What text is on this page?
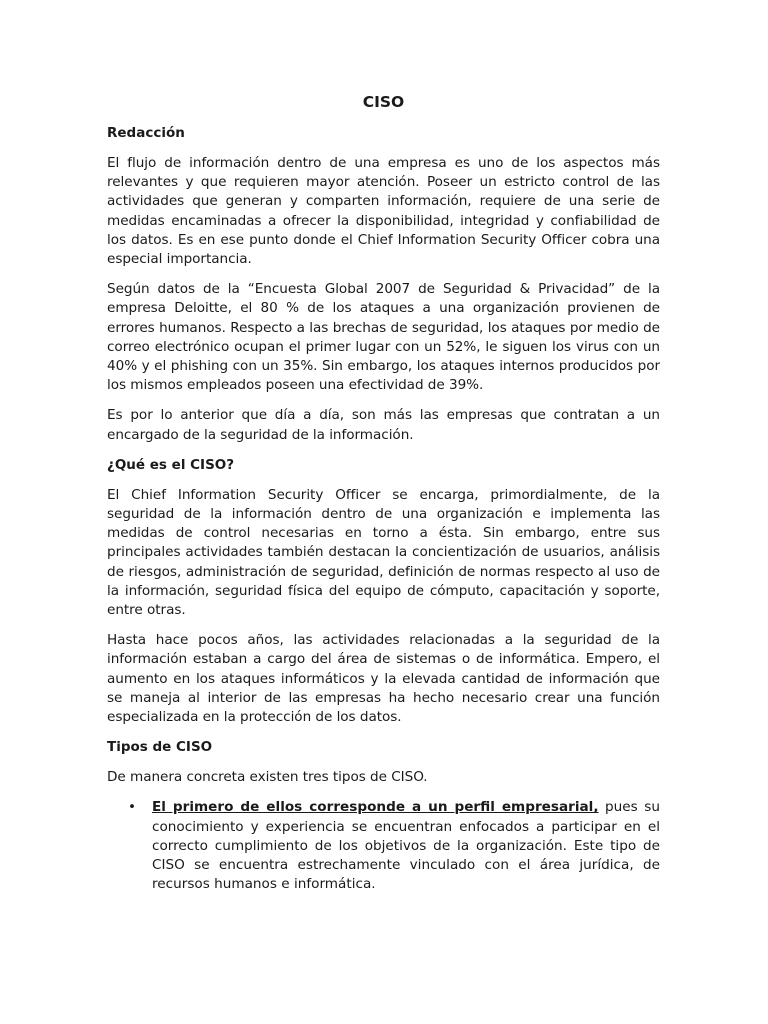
CISO
Redacción

El flujo de información dentro de una empresa es uno de los aspectos más relevantes y que requieren mayor atención. Poseer un estricto control de las actividades que generan y comparten información, requiere de una serie de medidas encaminadas a ofrecer la disponibilidad, integridad y confiabilidad de los datos. Es en ese punto donde el Chief Information Security Officer cobra una especial importancia.

Según datos de la “Encuesta Global 2007 de Seguridad & Privacidad” de la empresa Deloitte, el 80 % de los ataques a una organización provienen de errores humanos. Respecto a las brechas de seguridad, los ataques por medio de correo electrónico ocupan el primer lugar con un 52%, le siguen los virus con un 40% y el phishing con un 35%. Sin embargo, los ataques internos producidos por los mismos empleados poseen una efectividad de 39%.

Es por lo anterior que día a día, son más las empresas que contratan a un encargado de la seguridad de la información.

¿Qué es el CISO?

El Chief Information Security Officer se encarga, primordialmente, de la seguridad de la información dentro de una organización e implementa las medidas de control necesarias en torno a ésta. Sin embargo, entre sus principales actividades también destacan la concientización de usuarios, análisis de riesgos, administración de seguridad, definición de normas respecto al uso de la información, seguridad física del equipo de cómputo, capacitación y soporte, entre otras.

Hasta hace pocos años, las actividades relacionadas a la seguridad de la información estaban a cargo del área de sistemas o de informática. Empero, el aumento en los ataques informáticos y la elevada cantidad de información que se maneja al interior de las empresas ha hecho necesario crear una función especializada en la protección de los datos.

Tipos de CISO

De manera concreta existen tres tipos de CISO.

• El primero de ellos corresponde a un perfil empresarial, pues su conocimiento y experiencia se encuentran enfocados a participar en el correcto cumplimiento de los objetivos de la organización. Este tipo de CISO se encuentra estrechamente vinculado con el área jurídica, de recursos humanos e informática.
